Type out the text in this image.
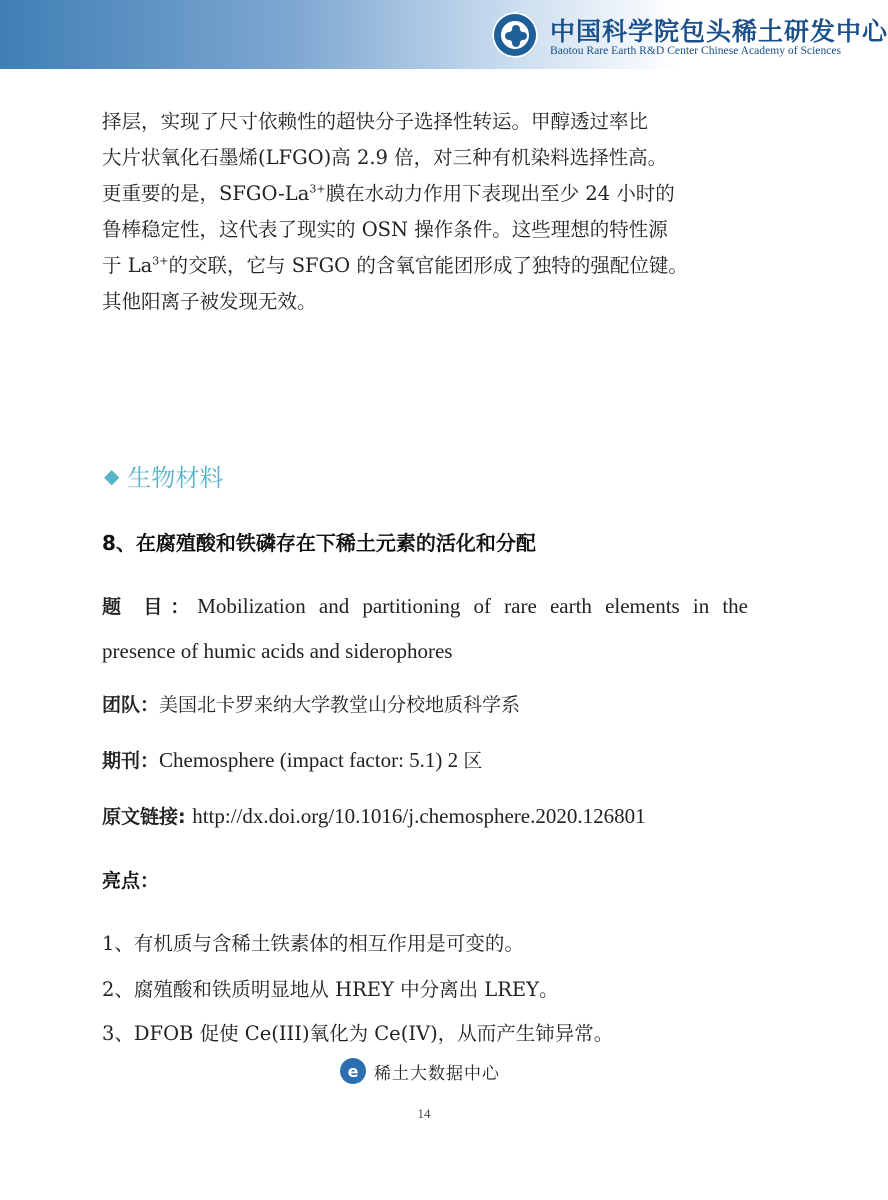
中国科学院包头稀土研发中心
Baotou Rare Earth R&D Center Chinese Academy of Sciences
择层，实现了尺寸依赖性的超快分子选择性转运。甲醇透过率比
大片状氧化石墨烯(LFGO)高 2.9 倍，对三种有机染料选择性高。
更重要的是，SFGO-$La^{3+}$膜在水动力作用下表现出至少 24 小时的
鲁棒稳定性，这代表了现实的 OSN 操作条件。这些理想的特性源
于 $La^{3+}$的交联，它与 SFGO 的含氧官能团形成了独特的强配位键。
其他阳离子被发现无效。
◆ 生物材料
8、在腐殖酸和铁磷存在下稀土元素的活化和分配
题 目：Mobilization and partitioning of rare earth elements in the
presence of humic acids and siderophores
团队：美国北卡罗来纳大学教堂山分校地质科学系
期刊：Chemosphere (impact factor: 5.1) 2 区
原文链接: http://dx.doi.org/10.1016/j.chemosphere.2020.126801
亮点：
1、有机质与含稀土铁素体的相互作用是可变的。
2、腐殖酸和铁质明显地从 HREY 中分离出 LREY。
3、DFOB 促使 Ce(III)氧化为 Ce(IV)，从而产生铈异常。
e 稀土大数据中心
14
